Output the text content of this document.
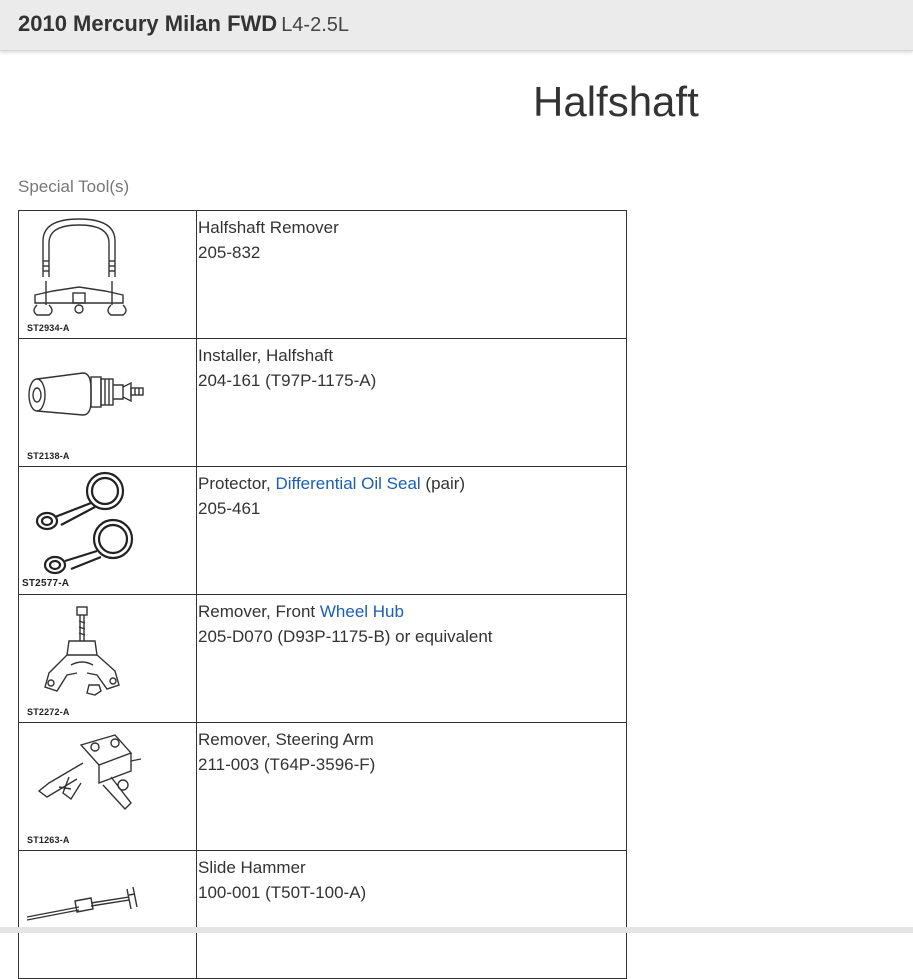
2010 Mercury Milan FWD L4-2.5L
Halfshaft
Special Tool(s)
ST2934-A	Halfshaft Remover
205-832

ST2138-A	Installer, Halfshaft
204-161 (T97P-1175-A)

ST2577-A	Protector, Differential Oil Seal (pair)
205-461

ST2272-A	Remover, Front Wheel Hub
205-D070 (D93P-1175-B) or equivalent

ST1263-A	Remover, Steering Arm
211-003 (T64P-3596-F)

Slide Hammer
100-001 (T50T-100-A)
